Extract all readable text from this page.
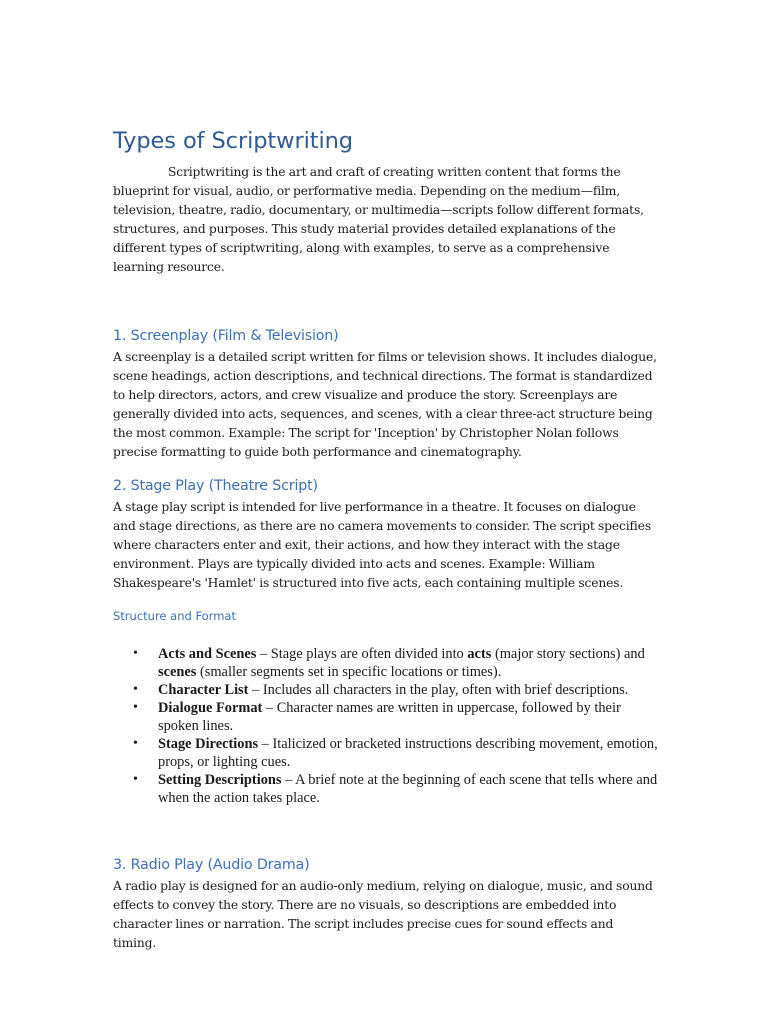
Types of Scriptwriting

Scriptwriting is the art and craft of creating written content that forms the blueprint for visual, audio, or performative media. Depending on the medium—film, television, theatre, radio, documentary, or multimedia—scripts follow different formats, structures, and purposes. This study material provides detailed explanations of the different types of scriptwriting, along with examples, to serve as a comprehensive learning resource.

1. Screenplay (Film & Television)

A screenplay is a detailed script written for films or television shows. It includes dialogue, scene headings, action descriptions, and technical directions. The format is standardized to help directors, actors, and crew visualize and produce the story. Screenplays are generally divided into acts, sequences, and scenes, with a clear three-act structure being the most common. Example: The script for 'Inception' by Christopher Nolan follows precise formatting to guide both performance and cinematography.

2. Stage Play (Theatre Script)

A stage play script is intended for live performance in a theatre. It focuses on dialogue and stage directions, as there are no camera movements to consider. The script specifies where characters enter and exit, their actions, and how they interact with the stage environment. Plays are typically divided into acts and scenes. Example: William Shakespeare's 'Hamlet' is structured into five acts, each containing multiple scenes.

Structure and Format
• Acts and Scenes – Stage plays are often divided into acts (major story sections) and scenes (smaller segments set in specific locations or times).
• Character List – Includes all characters in the play, often with brief descriptions.
• Dialogue Format – Character names are written in uppercase, followed by their spoken lines.
• Stage Directions – Italicized or bracketed instructions describing movement, emotion, props, or lighting cues.
• Setting Descriptions – A brief note at the beginning of each scene that tells where and when the action takes place.
3. Radio Play (Audio Drama)

A radio play is designed for an audio-only medium, relying on dialogue, music, and sound effects to convey the story. There are no visuals, so descriptions are embedded into character lines or narration. The script includes precise cues for sound effects and timing.
